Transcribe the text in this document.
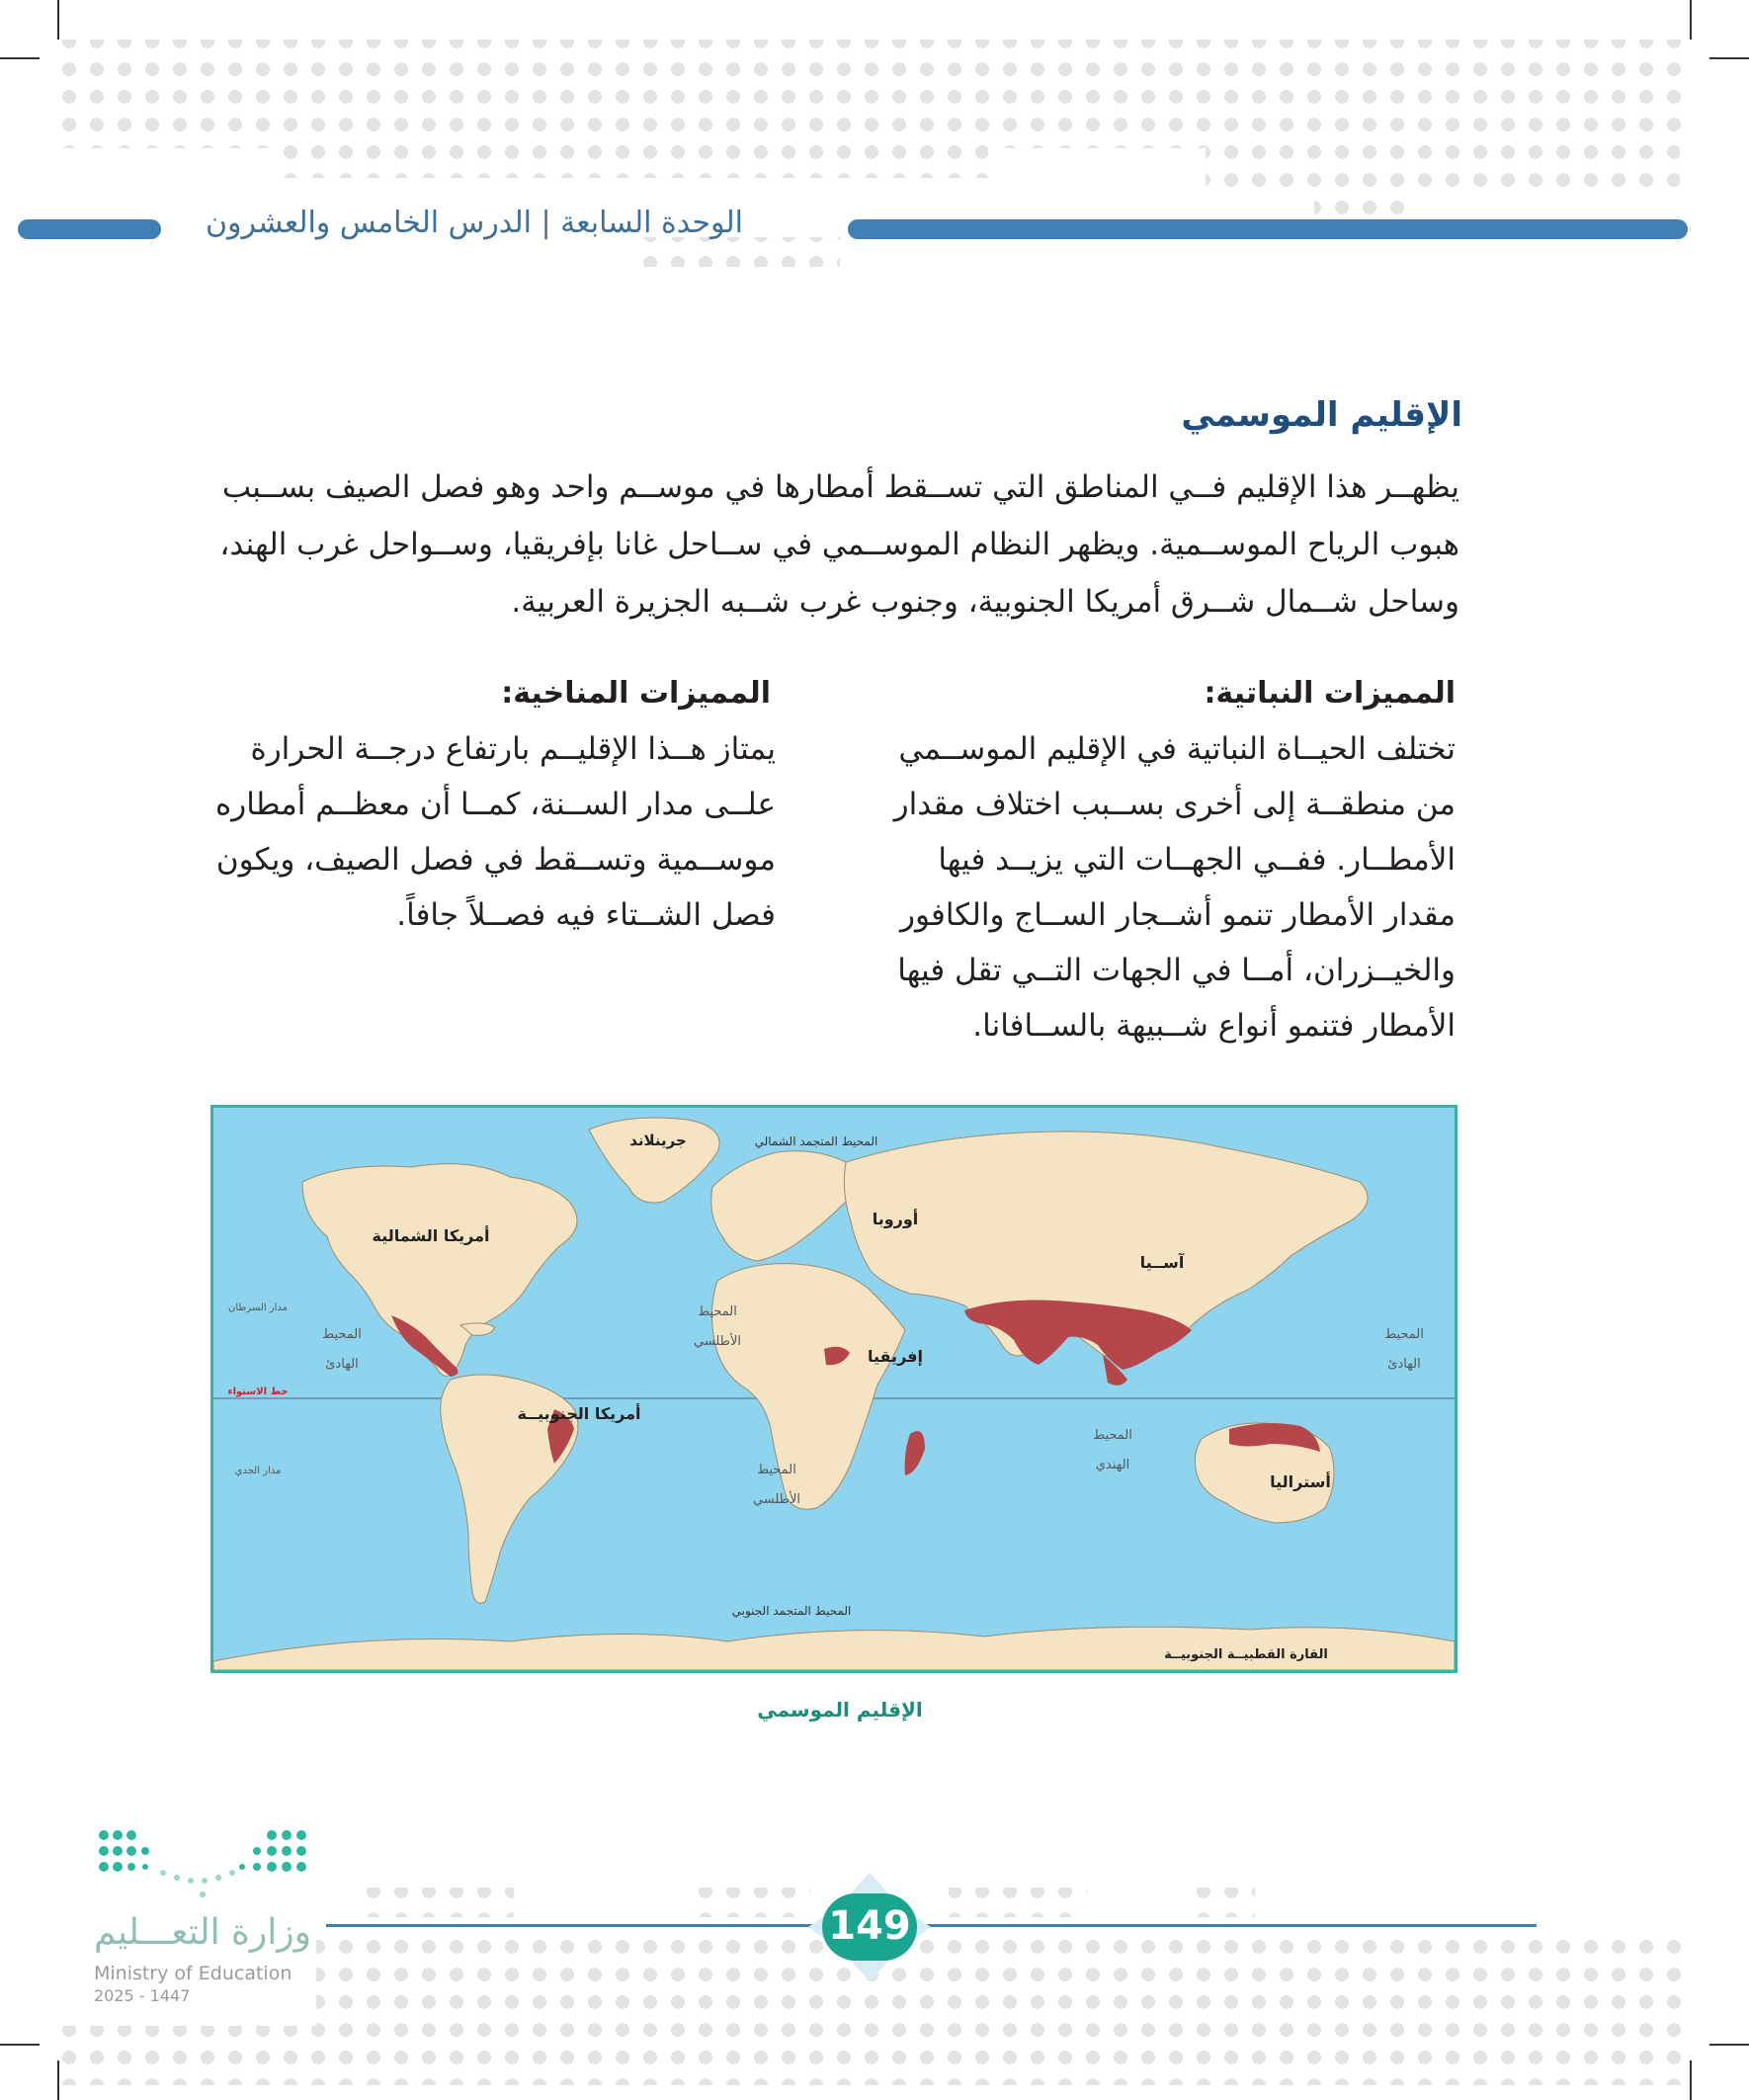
الوحدة السابعة | الدرس الخامس والعشرون
الإقليم الموسمي
يظهــر هذا الإقليم فــي المناطق التي تســقط أمطارها في موســم واحد وهو فصل الصيف بســبب
هبوب الرياح الموســمية. ويظهر النظام الموســمي في ســاحل غانا بإفريقيا، وســواحل غرب الهند،
وساحل شــمال شــرق أمريكا الجنوبية، وجنوب غرب شــبه الجزيرة العربية.
المميزات النباتية:
تختلف الحيــاة النباتية في الإقليم الموســمي
من منطقــة إلى أخرى بســبب اختلاف مقدار
الأمطــار. ففــي الجهــات التي يزيــد فيها
مقدار الأمطار تنمو أشــجار الســاج والكافور
والخيــزران، أمــا في الجهات التــي تقل فيها
الأمطار فتنمو أنواع شــبيهة بالســافانا.
المميزات المناخية:
يمتاز هــذا الإقليــم بارتفاع درجــة الحرارة
علــى مدار الســنة، كمــا أن معظــم أمطاره
موســمية وتســقط في فصل الصيف، ويكون
فصل الشــتاء فيه فصــلاً جافاً.
جرينلاند	المحيط المتجمد الشمالي
أمريكا الشمالية
أوروبا
آســيا
إفريقيا
أمريكا الجنوبيــة
أستراليا
القارة القطبيــة الجنوبيــة
المحيط المتجمد الجنوبي
المحيط
الهادئ
المحيط
الهادئ
المحيط
الأطلسي
المحيط
الأطلسي
المحيط
الهندي
مدار السرطان
خط الاستواء
مدار الجدي
الإقليم الموسمي
وزارة التعـــليم
Ministry of Education
2025 - 1447
149
